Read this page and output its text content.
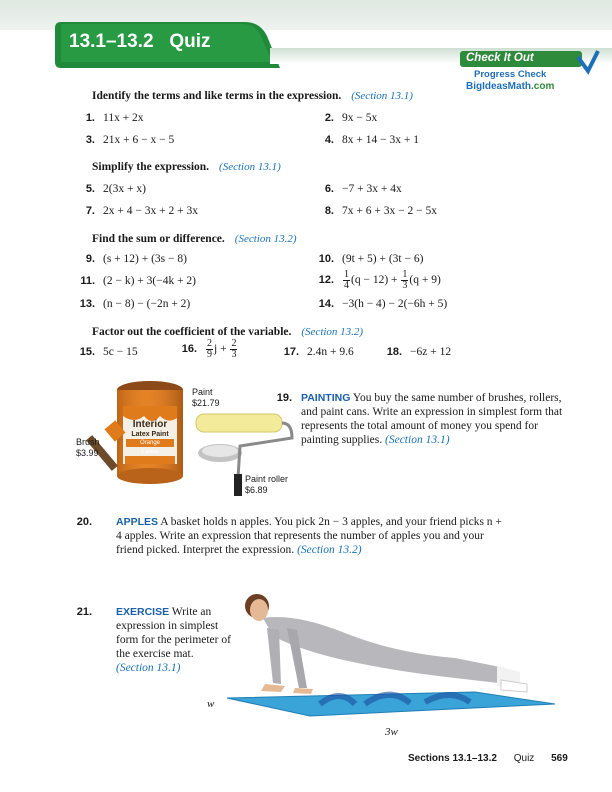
13.1–13.2   Quiz
Check It Out
Progress Check
BigIdeasMath.com
Identify the terms and like terms in the expression. (Section 13.1)
1. 11x + 2x	2. 9x − 5x
3. 21x + 6 − x − 5	4. 8x + 14 − 3x + 1
Simplify the expression. (Section 13.1)
5. 2(3x + x)	6. −7 + 3x + 4x
7. 2x + 4 − 3x + 2 + 3x	8. 7x + 6 + 3x − 2 − 5x
Find the sum or difference. (Section 13.2)
9. (s + 12) + (3s − 8)	10. (9t + 5) + (3t − 6)
11. (2 − k) + 3(−4k + 2)	12. $\frac{1}{4} (q - 12) + \frac{1}{3} (q + 9)$
13. (n − 8) − (−2n + 2)	14. −3(h − 4) − 2(−6h + 5)
Factor out the coefficient of the variable. (Section 13.2)
15. 5c − 15	16. $\frac{2}{9}$ $j + \frac{2}{3}$	17. 2.4n + 9.6	18. −6z + 12
Interior
Latex Paint
Orange
1 gallon
Paint
$21.79
Brush
$3.99
Paint roller
$6.89
19. PAINTING You buy the same number of brushes, rollers, and paint cans. Write an expression in simplest form that represents the total amount of money you spend for painting supplies. (Section 13.1)
20. APPLES A basket holds n apples. You pick 2n − 3 apples, and your friend picks n + 4 apples. Write an expression that represents the number of apples you and your friend picked. Interpret the expression. (Section 13.2)
21. EXERCISE Write an expression in simplest form for the perimeter of the exercise mat. (Section 13.1)
w
3w
Sections 13.1–13.2 Quiz 569
